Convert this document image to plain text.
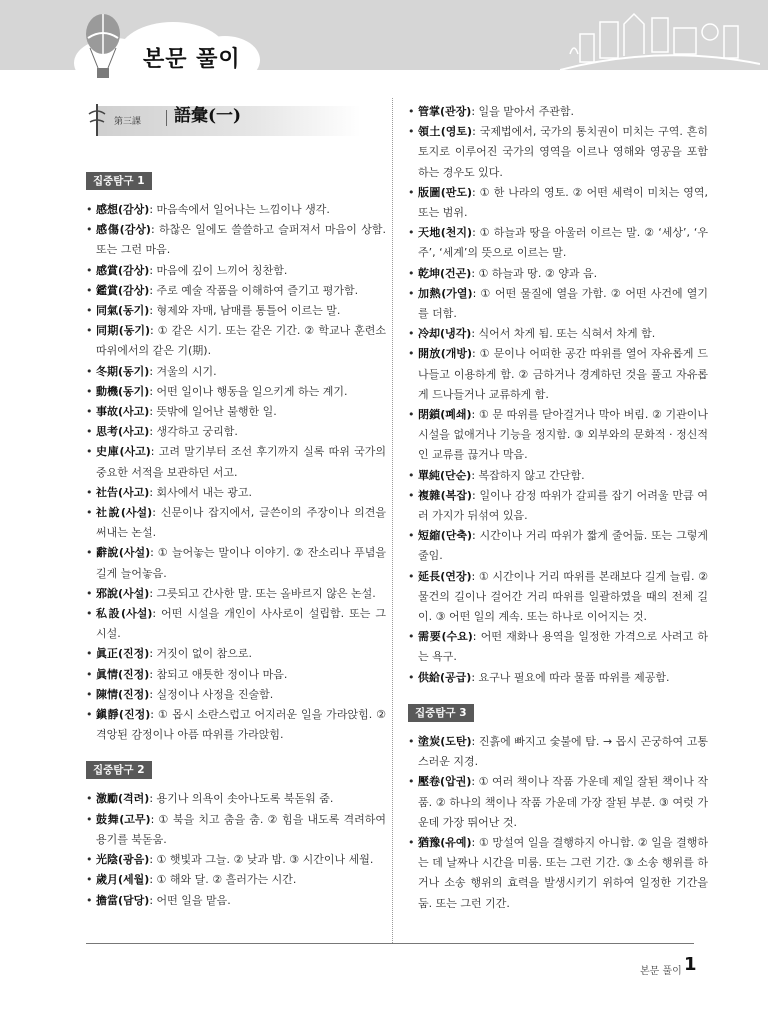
본문 풀이
第三課 語彙(一)
집중탐구 1
• 感想(감상) : 마음속에서 일어나는 느낌이나 생각.
• 感傷(감상) : 하찮은 일에도 쓸쓸하고 슬퍼져서 마음이 상함. 또는 그런 마음.
• 感賞(감상) : 마음에 깊이 느끼어 칭찬함.
• 鑑賞(감상) : 주로 예술 작품을 이해하여 즐기고 평가함.
• 同氣(동기) : 형제와 자매, 남매를 통틀어 이르는 말.
• 同期(동기) : ① 같은 시기. 또는 같은 기간. ② 학교나 훈련소 따위에서의 같은 기(期).
• 冬期(동기) : 겨울의 시기.
• 動機(동기) : 어떤 일이나 행동을 일으키게 하는 계기.
• 事故(사고) : 뜻밖에 일어난 불행한 일.
• 思考(사고) : 생각하고 궁리함.
• 史庫(사고) : 고려 말기부터 조선 후기까지 실록 따위 국가의 중요한 서적을 보관하던 서고.
• 社告(사고) : 회사에서 내는 광고.
• 社說(사설) : 신문이나 잡지에서, 글쓴이의 주장이나 의견을 써내는 논설.
• 辭說(사설) : ① 늘어놓는 말이나 이야기. ② 잔소리나 푸념을 길게 늘어놓음.
• 邪說(사설) : 그릇되고 간사한 말. 또는 올바르지 않은 논설.
• 私設(사설) : 어떤 시설을 개인이 사사로이 설립함. 또는 그 시설.
• 眞正(진정) : 거짓이 없이 참으로.
• 眞情(진정) : 참되고 애틋한 정이나 마음.
• 陳情(진정) : 실정이나 사정을 진술함.
• 鎭靜(진정) : ① 몹시 소란스럽고 어지러운 일을 가라앉힘. ② 격앙된 감정이나 아픔 따위를 가라앉힘.
집중탐구 2
• 激勵(격려) : 용기나 의욕이 솟아나도록 북돋워 줌.
• 鼓舞(고무) : ① 북을 치고 춤을 춤. ② 힘을 내도록 격려하여 용기를 북돋움.
• 光陰(광음) : ① 햇빛과 그늘. ② 낮과 밤. ③ 시간이나 세월.
• 歲月(세월) : ① 해와 달. ② 흘러가는 시간.
• 擔當(담당) : 어떤 일을 맡음.
• 管掌(관장) : 일을 맡아서 주관함.
• 領土(영토) : 국제법에서, 국가의 통치권이 미치는 구역. 흔히 토지로 이루어진 국가의 영역을 이르나 영해와 영공을 포함하는 경우도 있다.
• 版圖(판도) : ① 한 나라의 영토. ② 어떤 세력이 미치는 영역, 또는 범위.
• 天地(천지) : ① 하늘과 땅을 아울러 이르는 말. ② ‘세상’, ‘우주’, ‘세계’의 뜻으로 이르는 말.
• 乾坤(건곤) : ① 하늘과 땅. ② 양과 음.
• 加熱(가열) : ① 어떤 물질에 열을 가함. ② 어떤 사건에 열기를 더함.
• 冷却(냉각) : 식어서 차게 됨. 또는 식혀서 차게 함.
• 開放(개방) : ① 문이나 어떠한 공간 따위를 열어 자유롭게 드나들고 이용하게 함. ② 금하거나 경계하던 것을 풀고 자유롭게 드나들거나 교류하게 함.
• 閉鎖(폐쇄) : ① 문 따위를 닫아걸거나 막아 버림. ② 기관이나 시설을 없애거나 기능을 정지함. ③ 외부와의 문화적 · 정신적인 교류를 끊거나 막음.
• 單純(단순) : 복잡하지 않고 간단함.
• 複雜(복잡) : 일이나 감정 따위가 갈피를 잡기 어려울 만큼 여러 가지가 뒤섞여 있음.
• 短縮(단축) : 시간이나 거리 따위가 짧게 줄어듦. 또는 그렇게 줄임.
• 延長(연장) : ① 시간이나 거리 따위를 본래보다 길게 늘림. ② 물건의 길이나 걸어간 거리 따위를 일괄하였을 때의 전체 길이. ③ 어떤 일의 계속. 또는 하나로 이어지는 것.
• 需要(수요) : 어떤 재화나 용역을 일정한 가격으로 사려고 하는 욕구.
• 供給(공급) : 요구나 필요에 따라 물품 따위를 제공함.
집중탐구 3
• 塗炭(도탄) : 진흙에 빠지고 숯불에 탐. → 몹시 곤궁하여 고통스러운 지경.
• 壓卷(압권) : ① 여러 책이나 작품 가운데 제일 잘된 책이나 작품. ② 하나의 책이나 작품 가운데 가장 잘된 부분. ③ 여럿 가운데 가장 뛰어난 것.
• 猶豫(유예) : ① 망설여 일을 결행하지 아니함. ② 일을 결행하는 데 날짜나 시간을 미룸. 또는 그런 기간. ③ 소송 행위를 하거나 소송 행위의 효력을 발생시키기 위하여 일정한 기간을 둠. 또는 그런 기간.
본문 풀이 1
